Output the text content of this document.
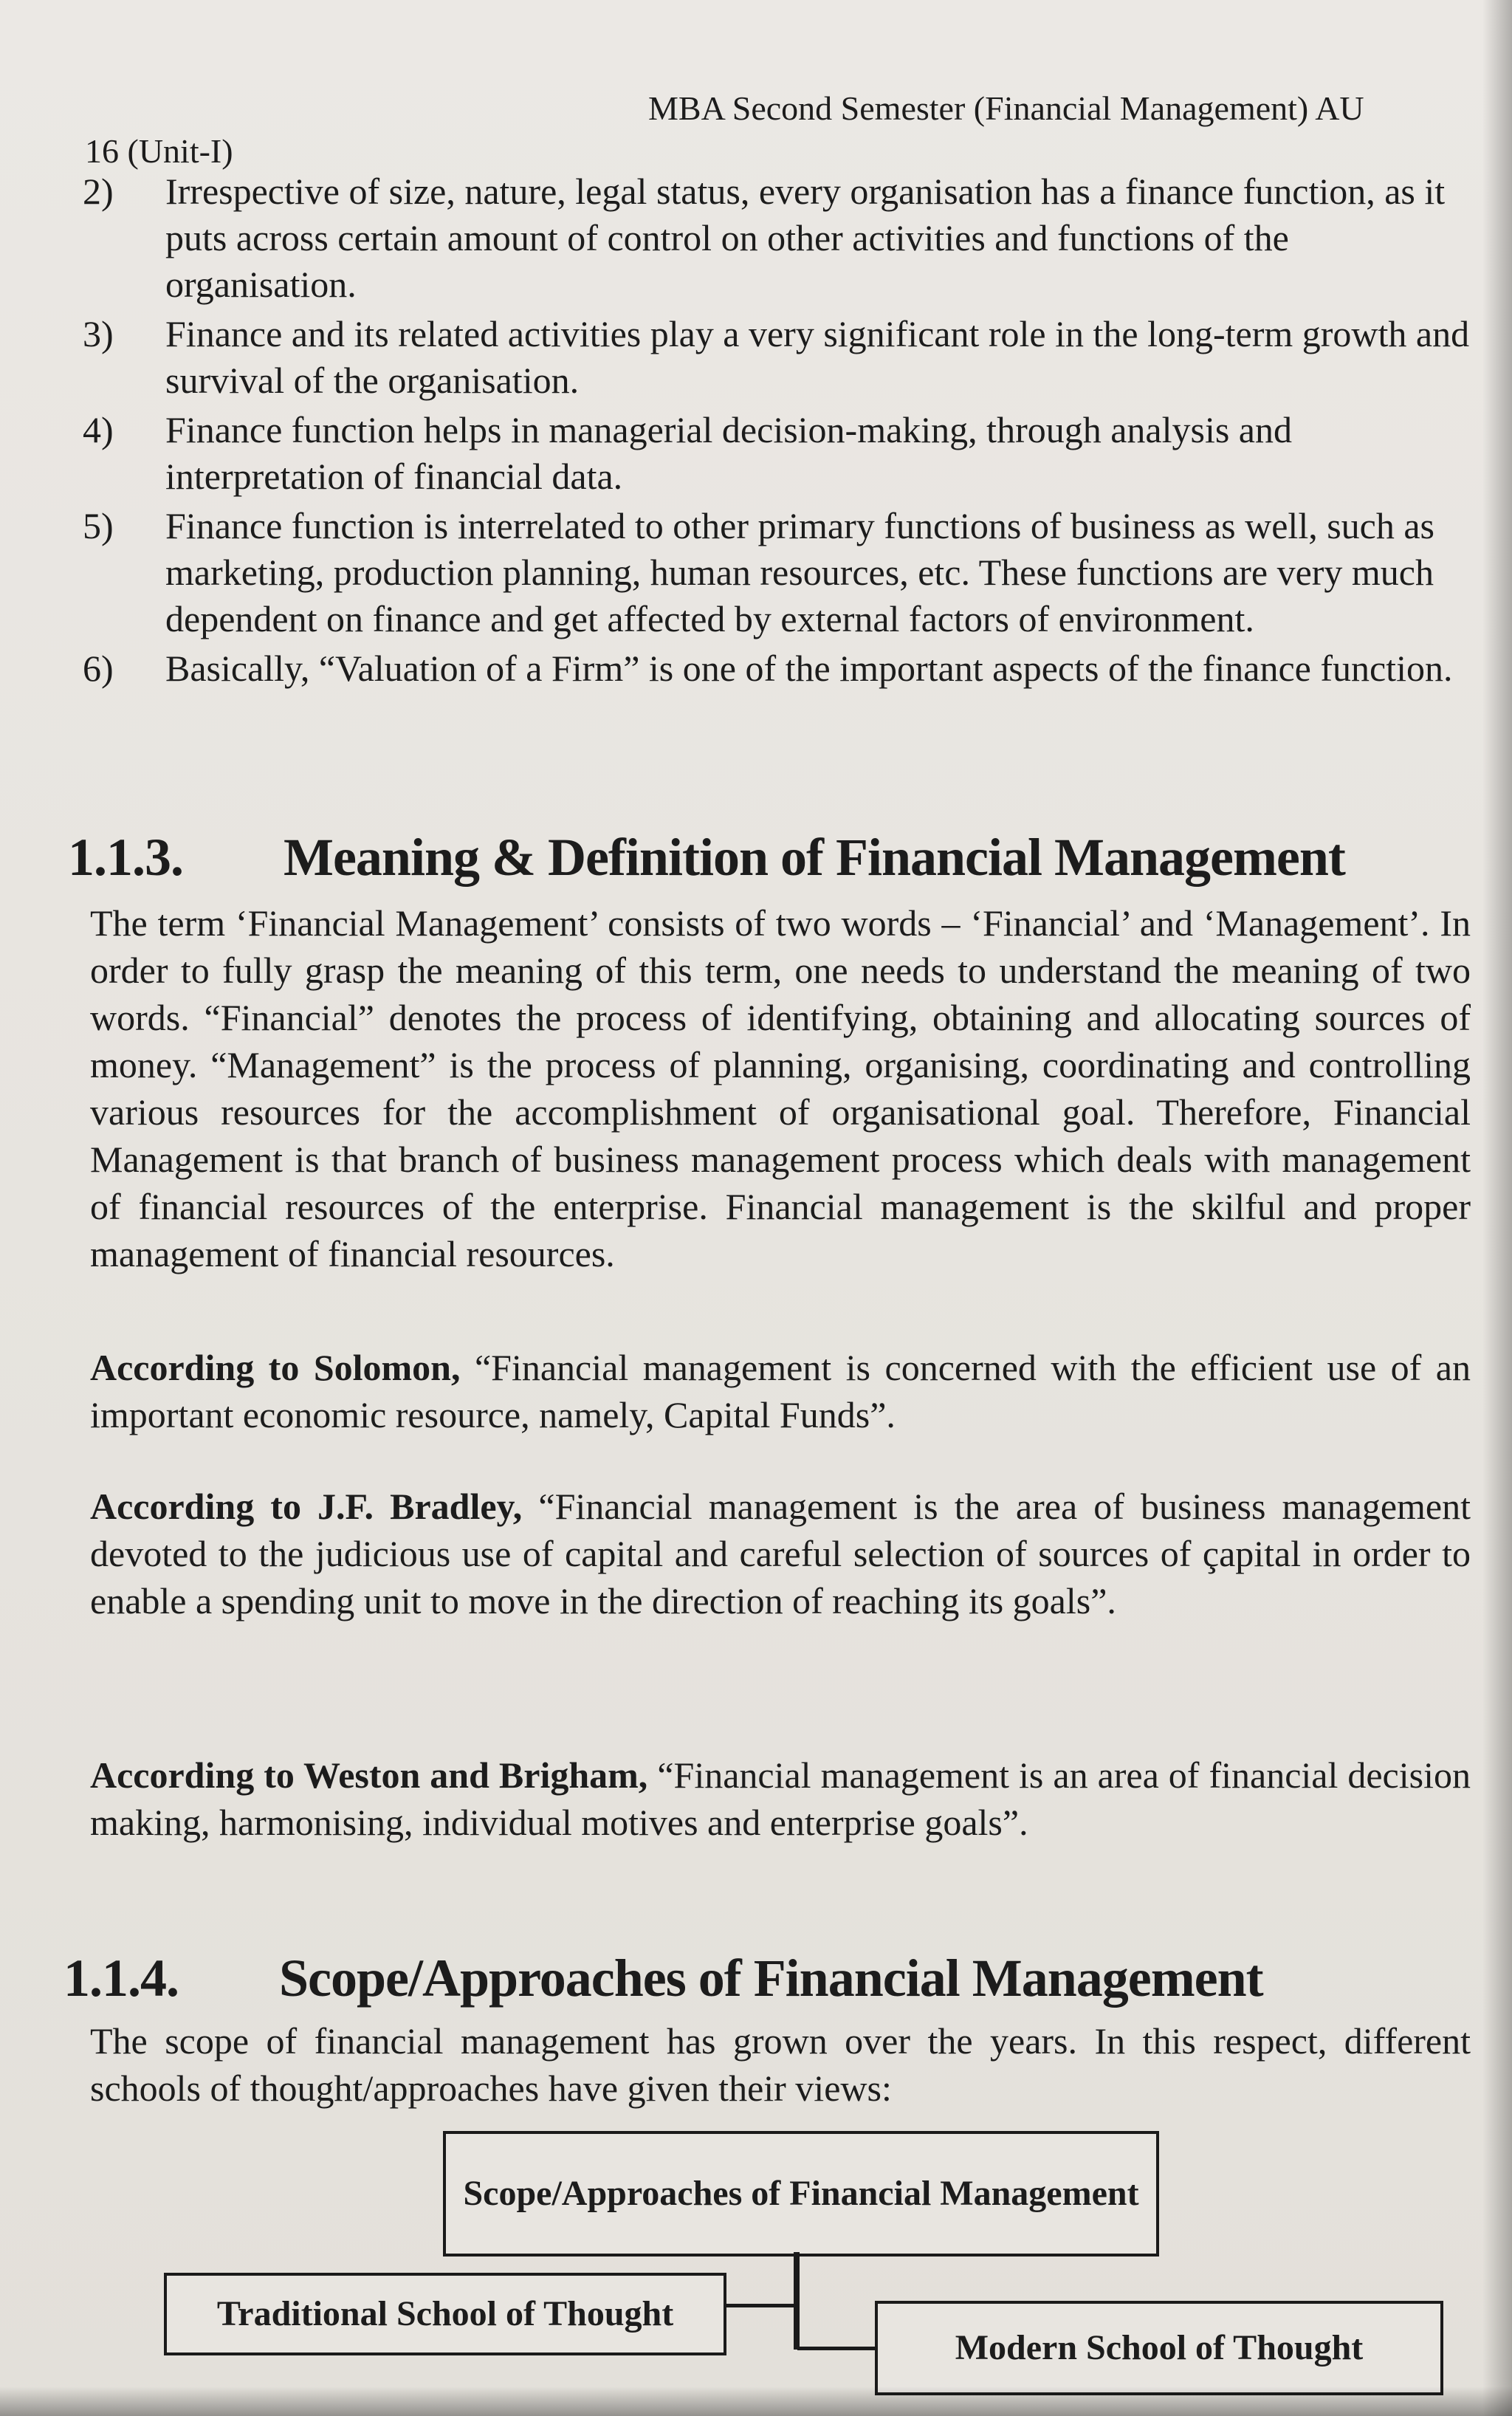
16 (Unit-I)
MBA Second Semester (Financial Management) AU
2) Irrespective of size, nature, legal status, every organisation has a finance function, as it puts across certain amount of control on other activities and functions of the organisation.
3) Finance and its related activities play a very significant role in the long-term growth and survival of the organisation.
4) Finance function helps in managerial decision-making, through analysis and interpretation of financial data.
5) Finance function is interrelated to other primary functions of business as well, such as marketing, production planning, human resources, etc. These functions are very much dependent on finance and get affected by external factors of environment.
6) Basically, “Valuation of a Firm” is one of the important aspects of the finance function.
1.1.3. Meaning & Definition of Financial Management
The term ‘Financial Management’ consists of two words – ‘Financial’ and ‘Management’. In order to fully grasp the meaning of this term, one needs to understand the meaning of two words. “Financial” denotes the process of identifying, obtaining and allocating sources of money. “Management” is the process of planning, organising, coordinating and controlling various resources for the accomplishment of organisational goal. Therefore, Financial Management is that branch of business management process which deals with management of financial resources of the enterprise. Financial management is the skilful and proper management of financial resources.
According to Solomon, “Financial management is concerned with the efficient use of an important economic resource, namely, Capital Funds”.
According to J.F. Bradley, “Financial management is the area of business management devoted to the judicious use of capital and careful selection of sources of çapital in order to enable a spending unit to move in the direction of reaching its goals”.
According to Weston and Brigham, “Financial management is an area of financial decision making, harmonising, individual motives and enterprise goals”.
1.1.4. Scope/Approaches of Financial Management
The scope of financial management has grown over the years. In this respect, different schools of thought/approaches have given their views:
Scope/Approaches of Financial Management
Traditional School of Thought
Modern School of Thought
